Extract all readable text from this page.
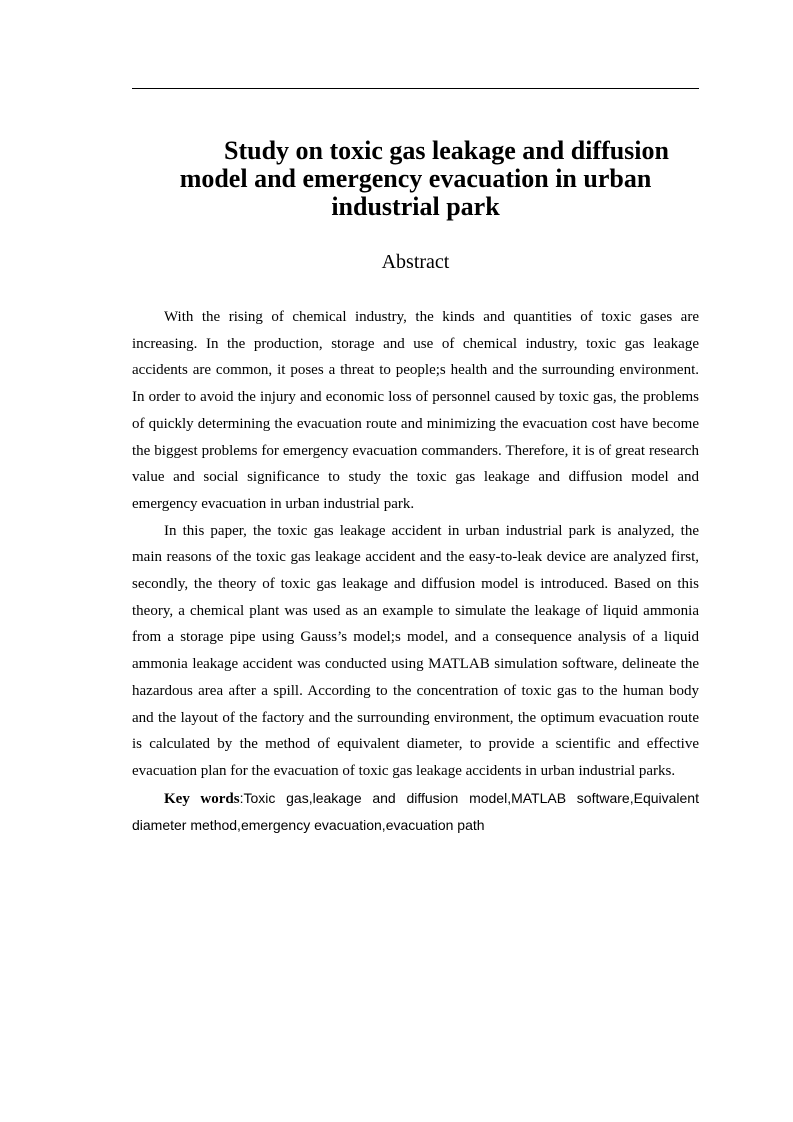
Study on toxic gas leakage and diffusion
model and emergency evacuation in urban
industrial park
Abstract

With the rising of chemical industry, the kinds and quantities of toxic gases are increasing. In the production, storage and use of chemical industry, toxic gas leakage accidents are common, it poses a threat to people;s health and the surrounding environment. In order to avoid the injury and economic loss of personnel caused by toxic gas, the problems of quickly determining the evacuation route and minimizing the evacuation cost have become the biggest problems for emergency evacuation commanders. Therefore, it is of great research value and social significance to study the toxic gas leakage and diffusion model and emergency evacuation in urban industrial park.

In this paper, the toxic gas leakage accident in urban industrial park is analyzed, the main reasons of the toxic gas leakage accident and the easy-to-leak device are analyzed first, secondly, the theory of toxic gas leakage and diffusion model is introduced. Based on this theory, a chemical plant was used as an example to simulate the leakage of liquid ammonia from a storage pipe using Gauss’s model;s model, and a consequence analysis of a liquid ammonia leakage accident was conducted using MATLAB simulation software, delineate the hazardous area after a spill. According to the concentration of toxic gas to the human body and the layout of the factory and the surrounding environment, the optimum evacuation route is calculated by the method of equivalent diameter, to provide a scientific and effective evacuation plan for the evacuation of toxic gas leakage accidents in urban industrial parks.

Key words:Toxic gas,leakage and diffusion model,MATLAB software,Equivalent diameter method,emergency evacuation,evacuation path
